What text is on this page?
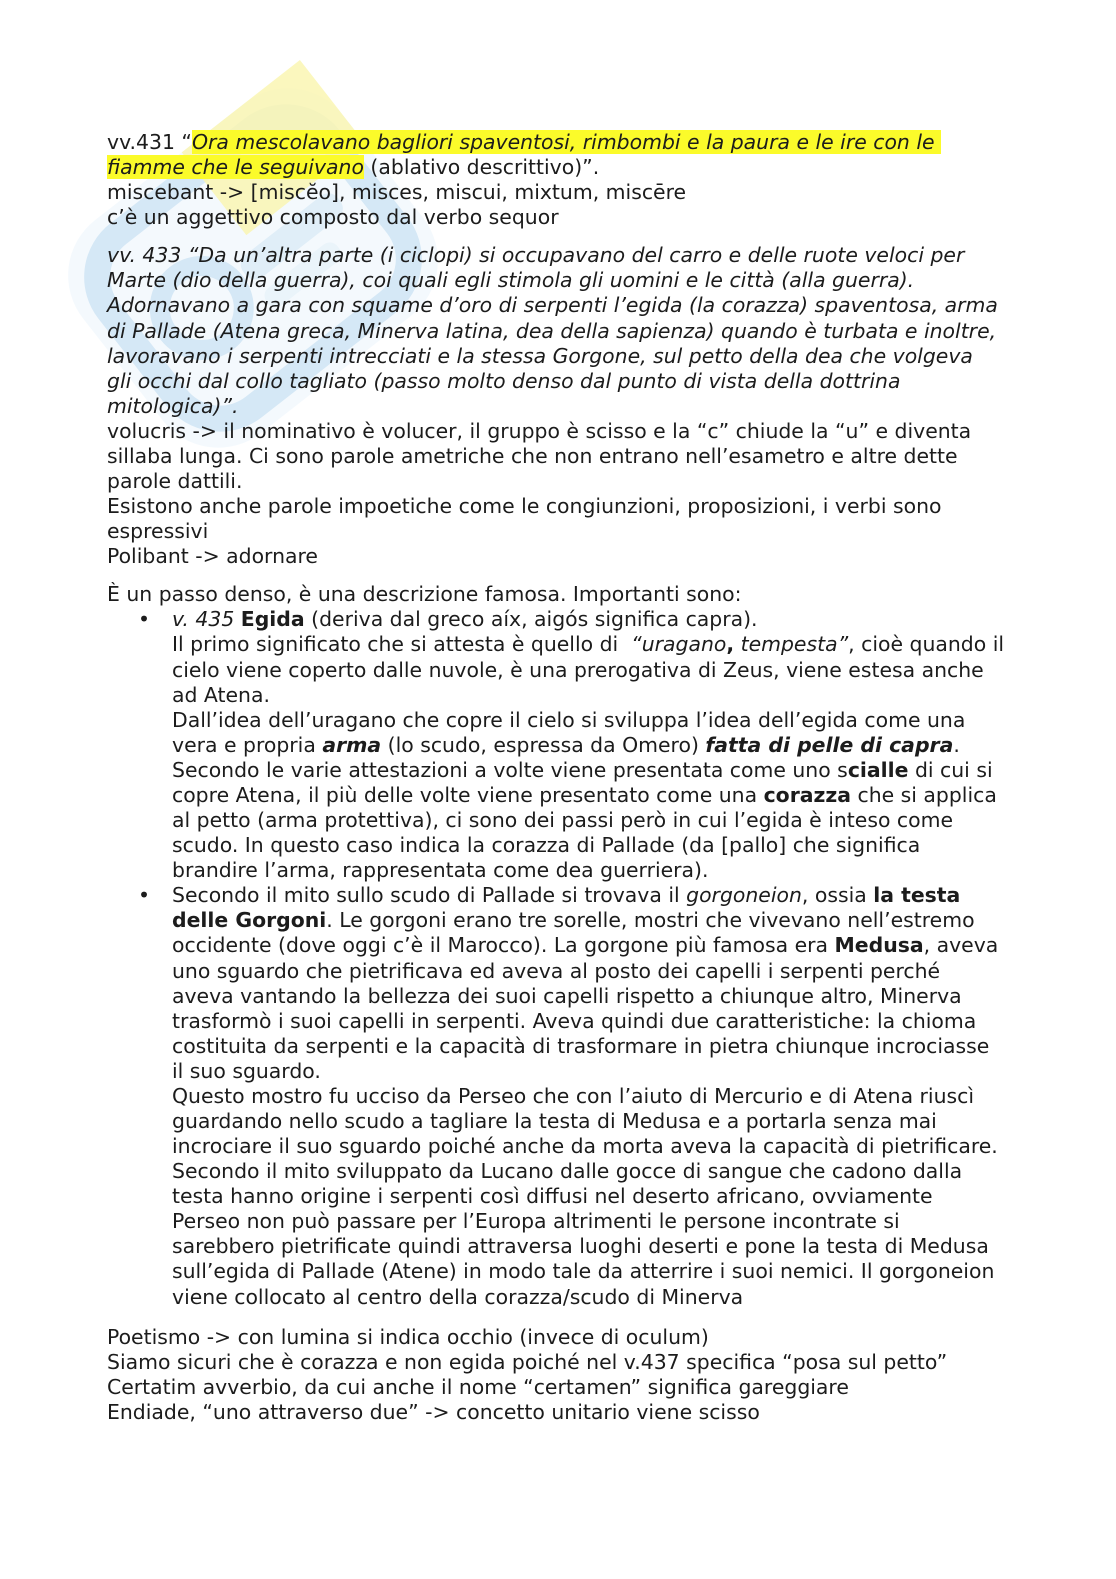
vv.431 “Ora mescolavano bagliori spaventosi, rimbombi e la paura e le ire con le
fiamme che le seguivano (ablativo descrittivo)”.
miscebant -> [miscĕo], misces, miscui, mixtum, miscēre
c’è un aggettivo composto dal verbo sequor
vv. 433 “Da un’altra parte (i ciclopi) si occupavano del carro e delle ruote veloci per
Marte (dio della guerra), coi quali egli stimola gli uomini e le città (alla guerra).
Adornavano a gara con squame d’oro di serpenti l’egida (la corazza) spaventosa, arma
di Pallade (Atena greca, Minerva latina, dea della sapienza) quando è turbata e inoltre,
lavoravano i serpenti intrecciati e la stessa Gorgone, sul petto della dea che volgeva
gli occhi dal collo tagliato (passo molto denso dal punto di vista della dottrina
mitologica)”.
volucris -> il nominativo è volucer, il gruppo è scisso e la “c” chiude la “u” e diventa
sillaba lunga. Ci sono parole ametriche che non entrano nell’esametro e altre dette
parole dattili.
Esistono anche parole impoetiche come le congiunzioni, proposizioni, i verbi sono
espressivi
Polibant -> adornare
È un passo denso, è una descrizione famosa. Importanti sono:
• v. 435 Egida (deriva dal greco aíx, aigós significa capra).
Il primo significato che si attesta è quello di  “uragano, tempesta”, cioè quando il
cielo viene coperto dalle nuvole, è una prerogativa di Zeus, viene estesa anche
ad Atena.
Dall’idea dell’uragano che copre il cielo si sviluppa l’idea dell’egida come una
vera e propria arma (lo scudo, espressa da Omero) fatta di pelle di capra.
Secondo le varie attestazioni a volte viene presentata come uno scialle di cui si
copre Atena, il più delle volte viene presentato come una corazza che si applica
al petto (arma protettiva), ci sono dei passi però in cui l’egida è inteso come
scudo. In questo caso indica la corazza di Pallade (da [pallo] che significa
brandire l’arma, rappresentata come dea guerriera).
• Secondo il mito sullo scudo di Pallade si trovava il gorgoneion, ossia la testa
delle Gorgoni. Le gorgoni erano tre sorelle, mostri che vivevano nell’estremo
occidente (dove oggi c’è il Marocco). La gorgone più famosa era Medusa, aveva
uno sguardo che pietrificava ed aveva al posto dei capelli i serpenti perché
aveva vantando la bellezza dei suoi capelli rispetto a chiunque altro, Minerva
trasformò i suoi capelli in serpenti. Aveva quindi due caratteristiche: la chioma
costituita da serpenti e la capacità di trasformare in pietra chiunque incrociasse
il suo sguardo.
Questo mostro fu ucciso da Perseo che con l’aiuto di Mercurio e di Atena riuscì
guardando nello scudo a tagliare la testa di Medusa e a portarla senza mai
incrociare il suo sguardo poiché anche da morta aveva la capacità di pietrificare.
Secondo il mito sviluppato da Lucano dalle gocce di sangue che cadono dalla
testa hanno origine i serpenti così diffusi nel deserto africano, ovviamente
Perseo non può passare per l’Europa altrimenti le persone incontrate si
sarebbero pietrificate quindi attraversa luoghi deserti e pone la testa di Medusa
sull’egida di Pallade (Atene) in modo tale da atterrire i suoi nemici. Il gorgoneion
viene collocato al centro della corazza/scudo di Minerva
Poetismo -> con lumina si indica occhio (invece di oculum)
Siamo sicuri che è corazza e non egida poiché nel v.437 specifica “posa sul petto”
Certatim avverbio, da cui anche il nome “certamen” significa gareggiare
Endiade, “uno attraverso due” -> concetto unitario viene scisso
